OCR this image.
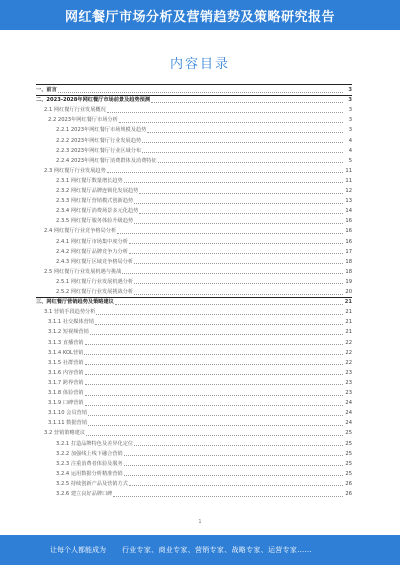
网红餐厅市场分析及营销趋势及策略研究报告
内容目录
一、前言	3
二、2023-2028年网红餐厅市场前景及趋势预测	3
2.1 网红餐厅行业发展概况	3
2.2 2023年网红餐厅市场分析	3
2.2.1 2023年网红餐厅市场规模及趋势	3
2.2.2 2023年网红餐厅行业发展趋势	4
2.2.3 2023年网红餐厅行业区域分布	4
2.2.4 2023年网红餐厅消费群体及消费特征	5
2.3 网红餐厅行业发展趋势	11
2.3.1 网红餐厅数量增长趋势	11
2.3.2 网红餐厅品牌连锁化发展趋势	12
2.3.3 网红餐厅营销模式创新趋势	13
2.3.4 网红餐厅消费场景多元化趋势	14
2.3.5 网红餐厅服务体验升级趋势	16
2.4 网红餐厅行业竞争格局分析	16
2.4.1 网红餐厅市场集中度分析	16
2.4.2 网红餐厅品牌竞争力分析	17
2.4.3 网红餐厅区域竞争格局分析	18
2.5 网红餐厅行业发展机遇与挑战	18
2.5.1 网红餐厅行业发展机遇分析	19
2.5.2 网红餐厅行业发展挑战分析	20
三、网红餐厅营销趋势及策略建议	21
3.1 营销手段趋势分析	21
3.1.1 社交媒体营销	21
3.1.2 短视频营销	21
3.1.3 直播营销	22
3.1.4 KOL营销	22
3.1.5 社群营销	22
3.1.6 内容营销	23
3.1.7 跨界营销	23
3.1.8 体验营销	23
3.1.9 口碑营销	24
3.1.10 会员营销	24
3.1.11 数据营销	24
3.2 营销策略建议	25
3.2.1 打造品牌特色及差异化定位	25
3.2.2 加强线上线下融合营销	25
3.2.3 注重消费者体验及服务	25
3.2.4 运用数据分析精准营销	25
3.2.5 持续创新产品及营销方式	26
3.2.6 建立良好品牌口碑	26
1
让每个人都能成为 行业专家、商业专家、营销专家、战略专家、运营专家……
